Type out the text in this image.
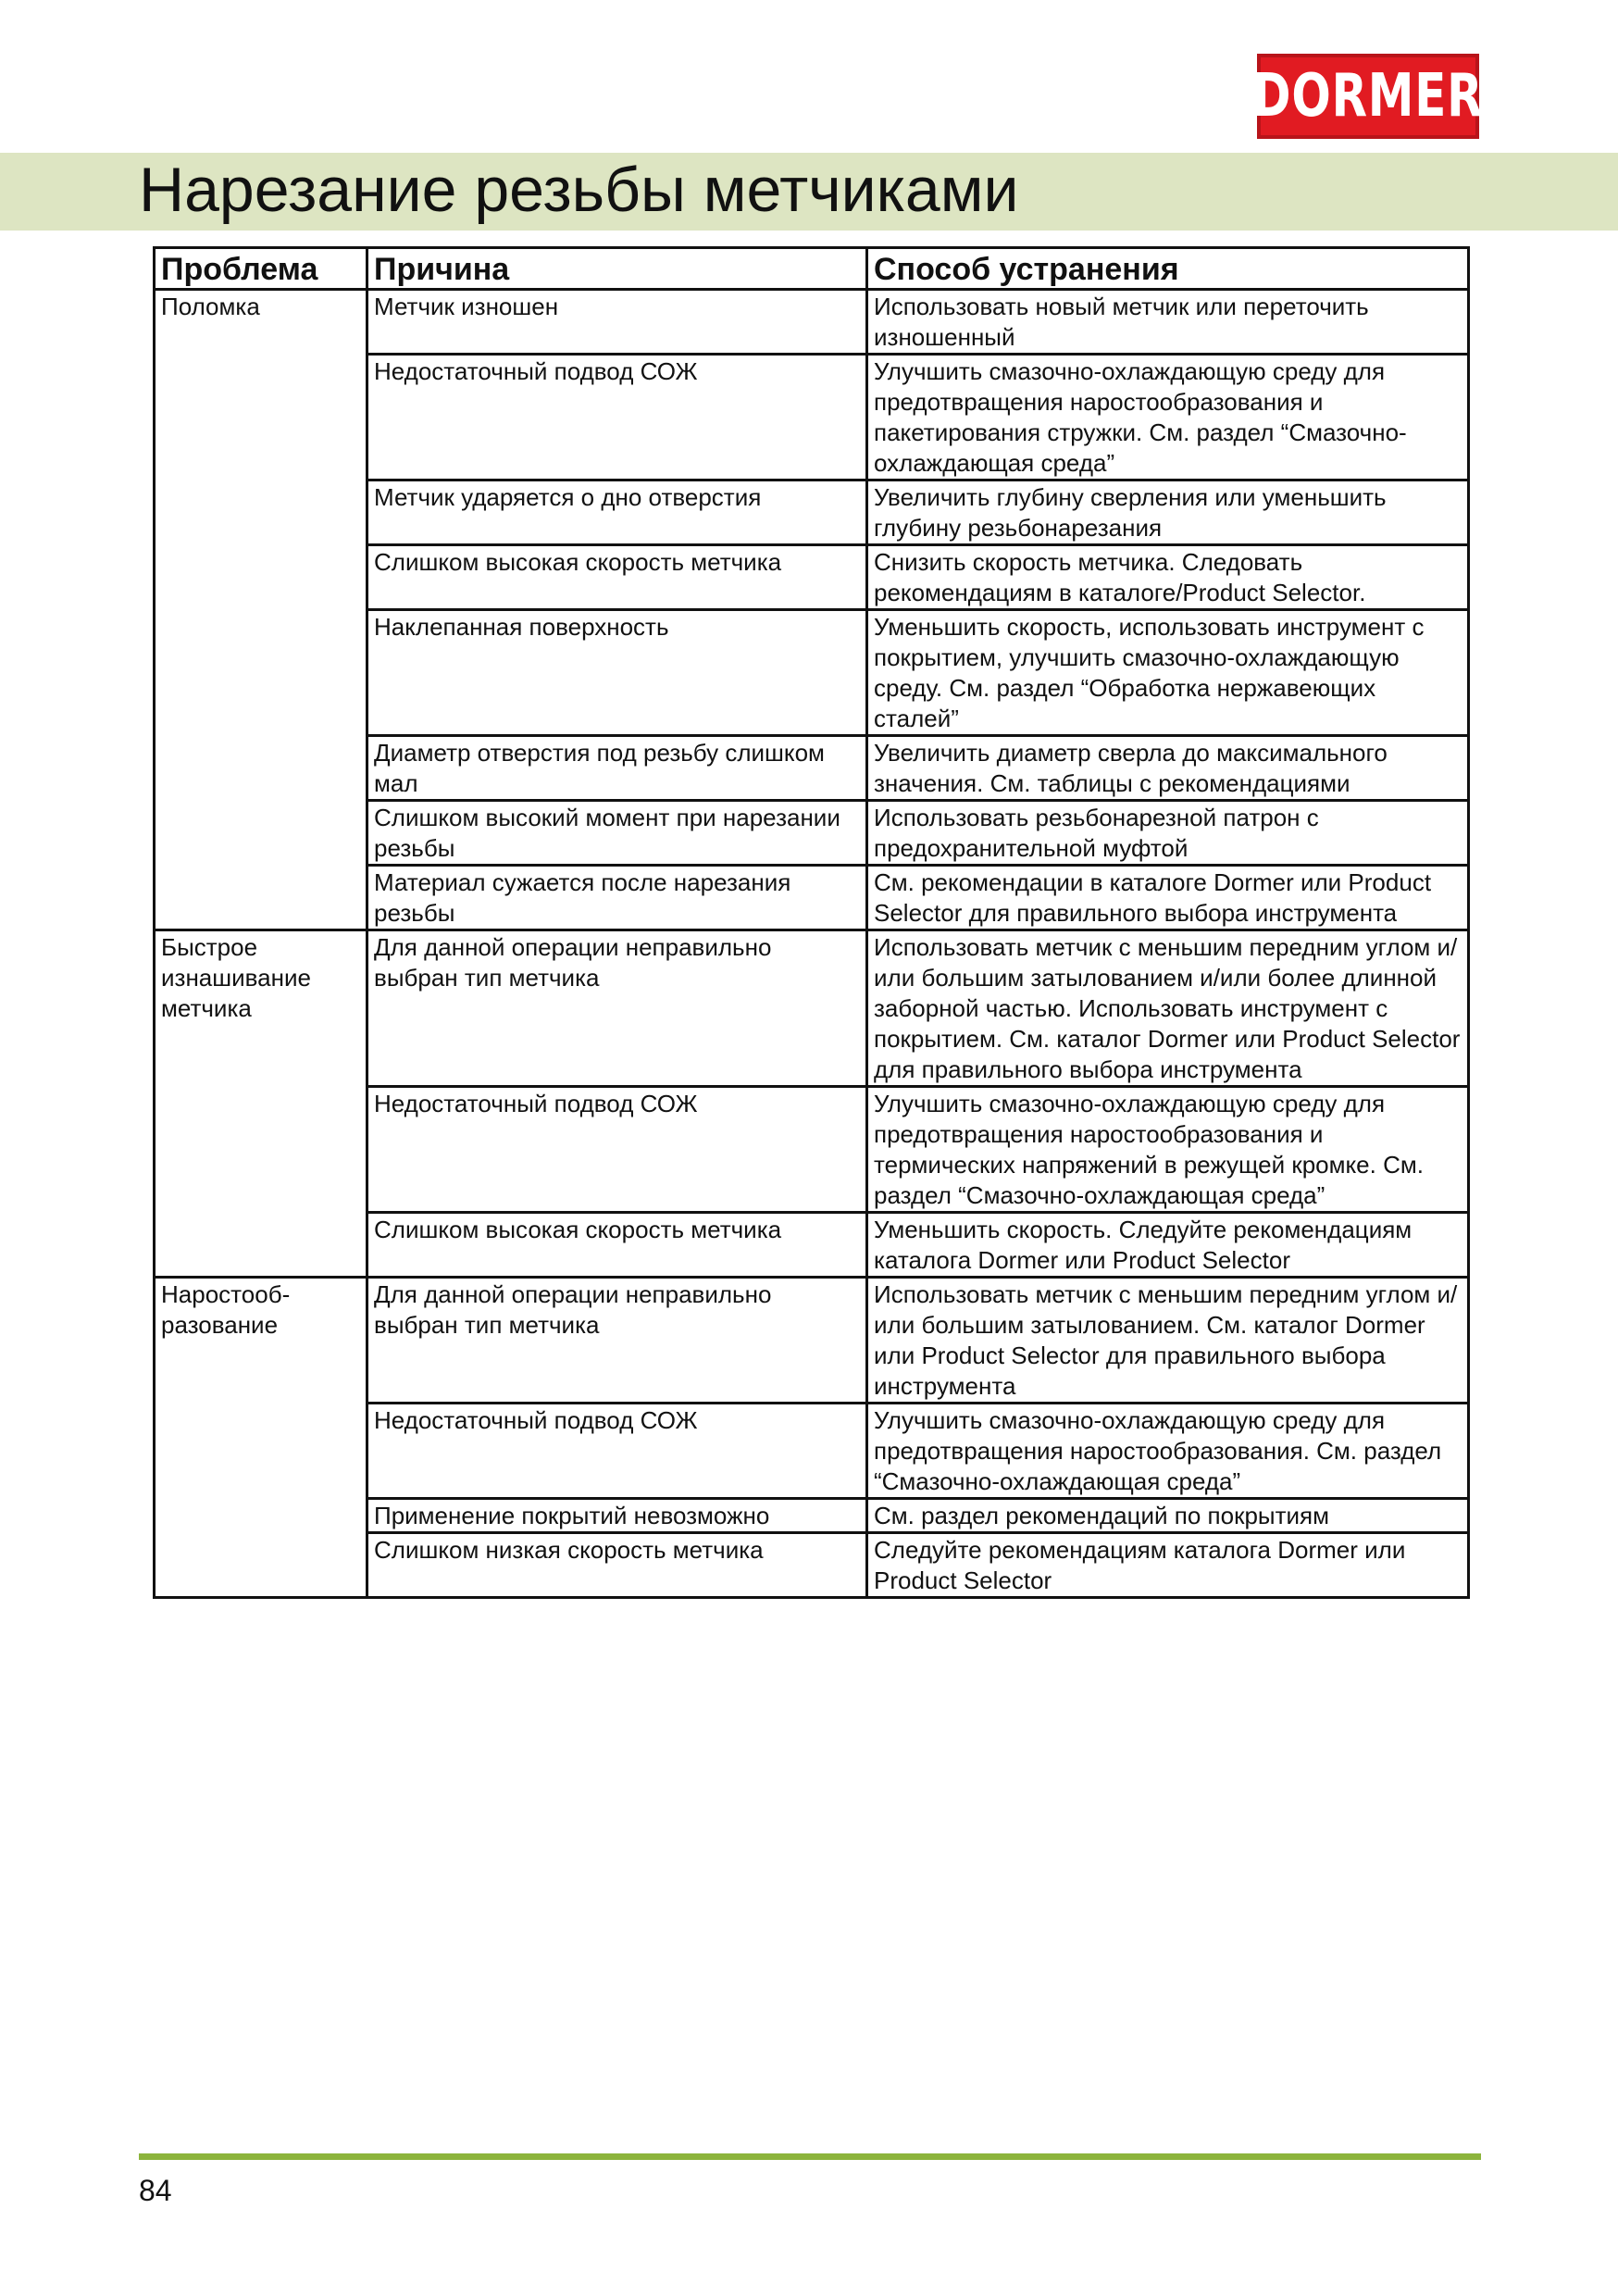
DORMER
Нарезание резьбы метчиками
Проблема	Причина	Способ устранения
Поломка	Метчик изношен	Использовать новый метчик или переточить изношенный
	Недостаточный подвод СОЖ	Улучшить смазочно-охлаждающую среду для предотвращения наростообразования и пакетирования стружки. См. раздел “Смазочно-охлаждающая среда”
	Метчик ударяется о дно отверстия	Увеличить глубину сверления или уменьшить глубину резьбонарезания
	Слишком высокая скорость метчика	Снизить скорость метчика. Следовать рекомендациям в каталоге/Product Selector.
	Наклепанная поверхность	Уменьшить скорость, использовать инструмент с покрытием, улучшить смазочно-охлаждающую среду. См. раздел “Обработка нержавеющих сталей”
	Диаметр отверстия под резьбу слишком мал	Увеличить диаметр сверла до максимального значения. См. таблицы с рекомендациями
	Слишком высокий момент при нарезании резьбы	Использовать резьбонарезной патрон с предохранительной муфтой
	Материал сужается после нарезания резьбы	См. рекомендации в каталоге Dormer или Product Selector для правильного выбора инструмента
Быстрое изнашивание метчика	Для данной операции неправильно выбран тип метчика	Использовать метчик с меньшим передним углом и/или большим затылованием и/или более длинной заборной частью. Использовать инструмент с покрытием. См. каталог Dormer или Product Selector для правильного выбора инструмента
	Недостаточный подвод СОЖ	Улучшить смазочно-охлаждающую среду для предотвращения наростообразования и термических напряжений в режущей кромке. См. раздел “Смазочно-охлаждающая среда”
	Слишком высокая скорость метчика	Уменьшить скорость. Следуйте рекомендациям каталога Dormer или Product Selector
Наростооб-разование	Для данной операции неправильно выбран тип метчика	Использовать метчик с меньшим передним углом и/или большим затылованием. См. каталог Dormer или Product Selector для правильного выбора инструмента
	Недостаточный подвод СОЖ	Улучшить смазочно-охлаждающую среду для предотвращения наростообразования. См. раздел “Смазочно-охлаждающая среда”
	Применение покрытий невозможно	См. раздел рекомендаций по покрытиям
	Слишком низкая скорость метчика	Следуйте рекомендациям каталога Dormer или Product Selector
84
